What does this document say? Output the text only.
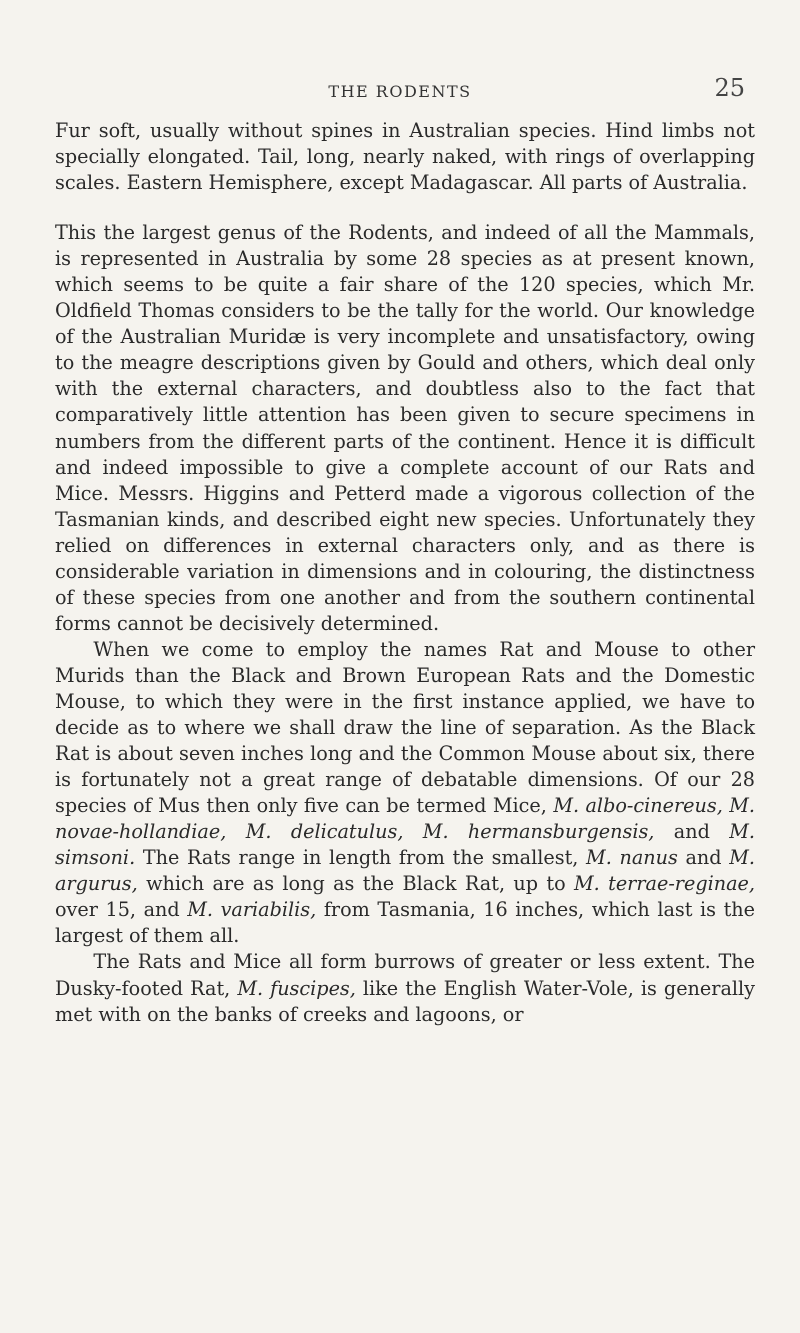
THE RODENTS	25

Fur soft, usually without spines in Australian species. Hind limbs not specially elongated. Tail, long, nearly naked, with rings of overlapping scales. Eastern Hemisphere, except Madagascar. All parts of Australia.

This the largest genus of the Rodents, and indeed of all the Mammals, is represented in Australia by some 28 species as at present known, which seems to be quite a fair share of the 120 species, which Mr. Oldfield Thomas considers to be the tally for the world. Our knowledge of the Australian Muridæ is very incomplete and unsatisfactory, owing to the meagre descriptions given by Gould and others, which deal only with the external characters, and doubtless also to the fact that comparatively little attention has been given to secure specimens in numbers from the different parts of the continent. Hence it is difficult and indeed impossible to give a complete account of our Rats and Mice. Messrs. Higgins and Petterd made a vigorous collection of the Tasmanian kinds, and described eight new species. Unfortunately they relied on differences in external characters only, and as there is considerable variation in dimensions and in colouring, the distinctness of these species from one another and from the southern continental forms cannot be decisively determined.

When we come to employ the names Rat and Mouse to other Murids than the Black and Brown European Rats and the Domestic Mouse, to which they were in the first instance applied, we have to decide as to where we shall draw the line of separation. As the Black Rat is about seven inches long and the Common Mouse about six, there is fortunately not a great range of debatable dimensions. Of our 28 species of Mus then only five can be termed Mice, M. albo-cinereus, M. novae-hollandiae, M. delicatulus, M. hermansburgensis, and M. simsoni. The Rats range in length from the smallest, M. nanus and M. argurus, which are as long as the Black Rat, up to M. terrae-reginae, over 15, and M. variabilis, from Tasmania, 16 inches, which last is the largest of them all.

The Rats and Mice all form burrows of greater or less extent. The Dusky-footed Rat, M. fuscipes, like the English Water-Vole, is generally met with on the banks of creeks and lagoons, or
